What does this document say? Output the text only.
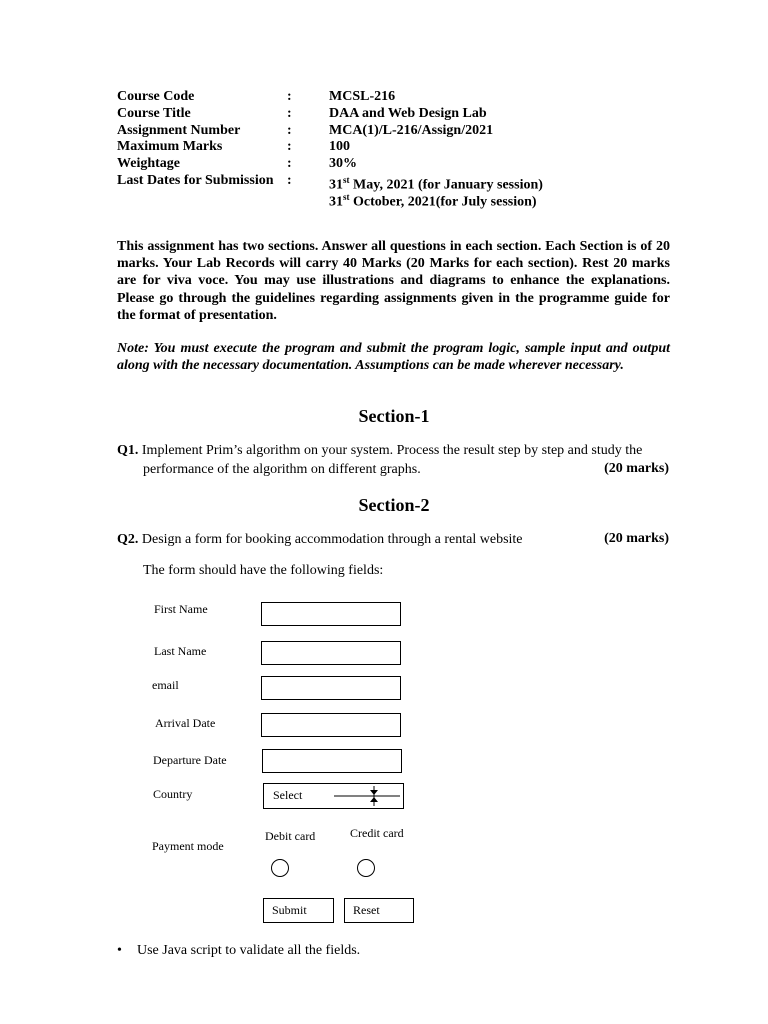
Course Code	:	MCSL-216
Course Title	:	DAA and Web Design Lab
Assignment Number	:	MCA(1)/L-216/Assign/2021
Maximum Marks	:	100
Weightage	:	30%
Last Dates for Submission :	31st May, 2021 (for January session)
31st October, 2021(for July session)
This assignment has two sections. Answer all questions in each section. Each Section is of 20 marks. Your Lab Records will carry 40 Marks (20 Marks for each section). Rest 20 marks are for viva voce. You may use illustrations and diagrams to enhance the explanations. Please go through the guidelines regarding assignments given in the programme guide for the format of presentation.
Note: You must execute the program and submit the program logic, sample input and output along with the necessary documentation. Assumptions can be made wherever necessary.
Section-1
Q1. Implement Prim’s algorithm on your system. Process the result step by step and study the
performance of the algorithm on different graphs.	(20 marks)
Section-2
Q2. Design a form for booking accommodation through a rental website	(20 marks)
The form should have the following fields:
First Name
Last Name
email
Arrival Date
Departure Date
Country	Select
Payment mode
Debit card	Credit card
Submit	Reset
• Use Java script to validate all the fields.
